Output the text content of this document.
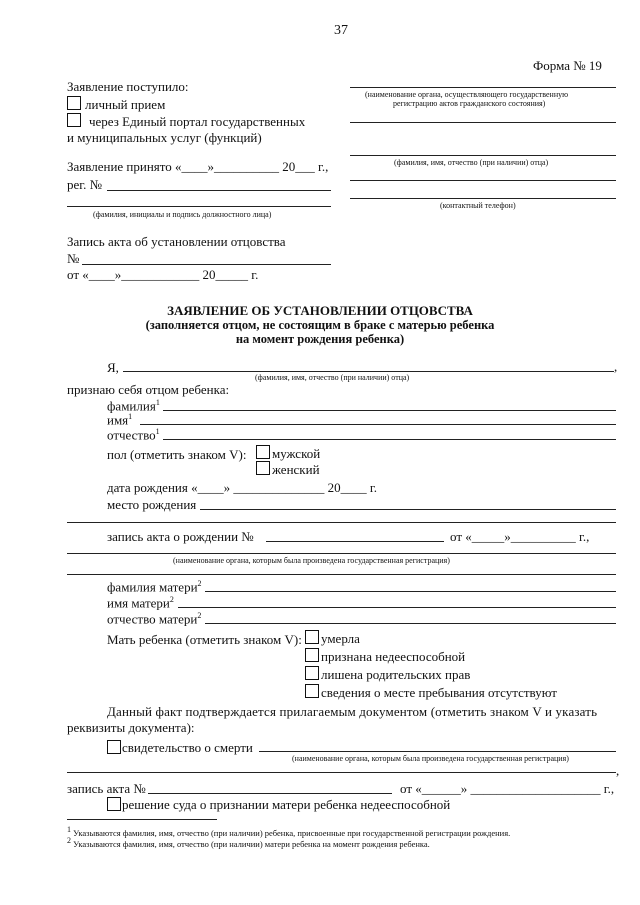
37
Форма № 19
Заявление поступило:
личный прием
через Единый портал государственных
и муниципальных услуг (функций)
Заявление принято «____»__________ 20___ г.,
рег. №
(фамилия, инициалы и подпись должностного лица)
Запись акта об установлении отцовства
№
от «____»____________ 20_____ г.
(наименование органа, осуществляющего государственную
регистрацию актов гражданского состояния)
(фамилия, имя, отчество (при наличии) отца)
(контактный телефон)
ЗАЯВЛЕНИЕ ОБ УСТАНОВЛЕНИИ ОТЦОВСТВА
(заполняется отцом, не состоящим в браке с матерью ребенка
на момент рождения ребенка)
Я,	,
(фамилия, имя, отчество (при наличии) отца)
признаю себя отцом ребенка:
фамилия$^1$
имя$^1$
отчество$^1$
пол (отметить знаком V): мужской
женский
дата рождения «____» ______________ 20____ г.
место рождения
запись акта о рождении №	от «_____»__________ г.,
(наименование органа, которым была произведена государственная регистрация)
фамилия матери$^2$
имя матери$^2$
отчество матери$^2$
Мать ребенка (отметить знаком V): умерла
признана недееспособной
лишена родительских прав
сведения о месте пребывания отсутствуют
Данный факт подтверждается прилагаемым документом (отметить знаком V и указать
реквизиты документа):
свидетельство о смерти
(наименование органа, которым была произведена государственная регистрация)
,
запись акта №	от «______» ____________________ г.,
решение суда о признании матери ребенка недееспособной
$^1$ Указываются фамилия, имя, отчество (при наличии) ребенка, присвоенные при государственной регистрации рождения.
$^2$ Указываются фамилия, имя, отчество (при наличии) матери ребенка на момент рождения ребенка.
